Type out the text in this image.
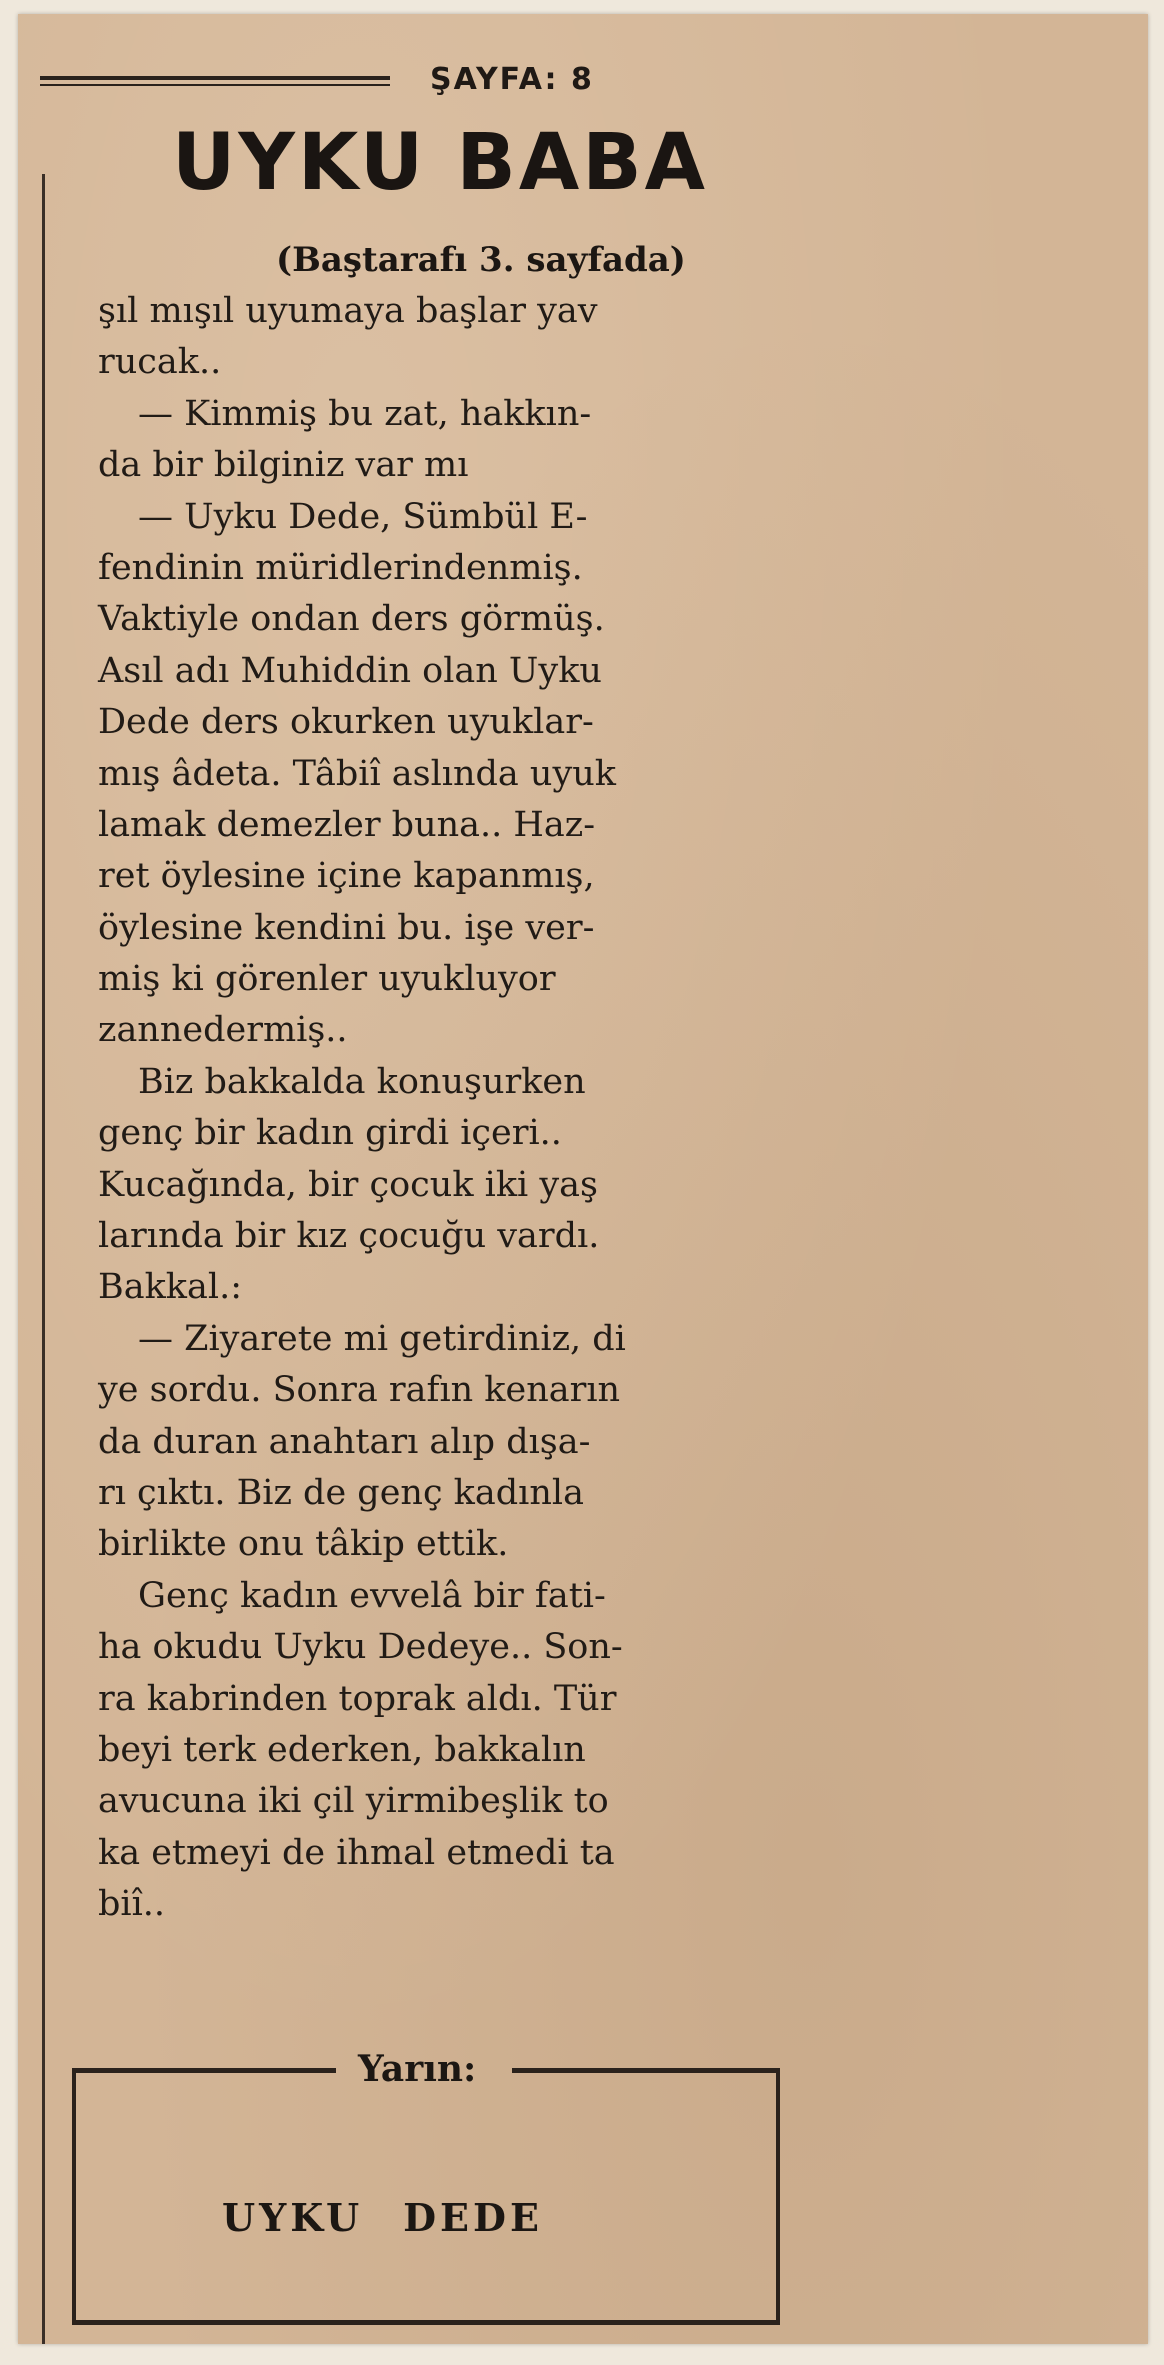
ŞAYFA: 8
UYKU BABA
(Baştarafı 3. sayfada)
şıl mışıl uyumaya başlar yav
rucak..
— Kimmiş bu zat, hakkın-
da bir bilginiz var mı
— Uyku Dede, Sümbül E-
fendinin müridlerindenmiş.
Vaktiyle ondan ders görmüş.
Asıl adı Muhiddin olan Uyku
Dede ders okurken uyuklar-
mış âdeta. Tâbiî aslında uyuk
lamak demezler buna.. Haz-
ret öylesine içine kapanmış,
öylesine kendini bu. işe ver-
miş ki görenler uyukluyor
zannedermiş..
Biz bakkalda konuşurken
genç bir kadın girdi içeri..
Kucağında, bir çocuk iki yaş
larında bir kız çocuğu vardı.
Bakkal.:
— Ziyarete mi getirdiniz, di
ye sordu. Sonra rafın kenarın
da duran anahtarı alıp dışa-
rı çıktı. Biz de genç kadınla
birlikte onu tâkip ettik.
Genç kadın evvelâ bir fati-
ha okudu Uyku Dedeye.. Son-
ra kabrinden toprak aldı. Tür
beyi terk ederken, bakkalın
avucuna iki çil yirmibeşlik to
ka etmeyi de ihmal etmedi ta
biî..
Yarın:
UYKU DEDE
